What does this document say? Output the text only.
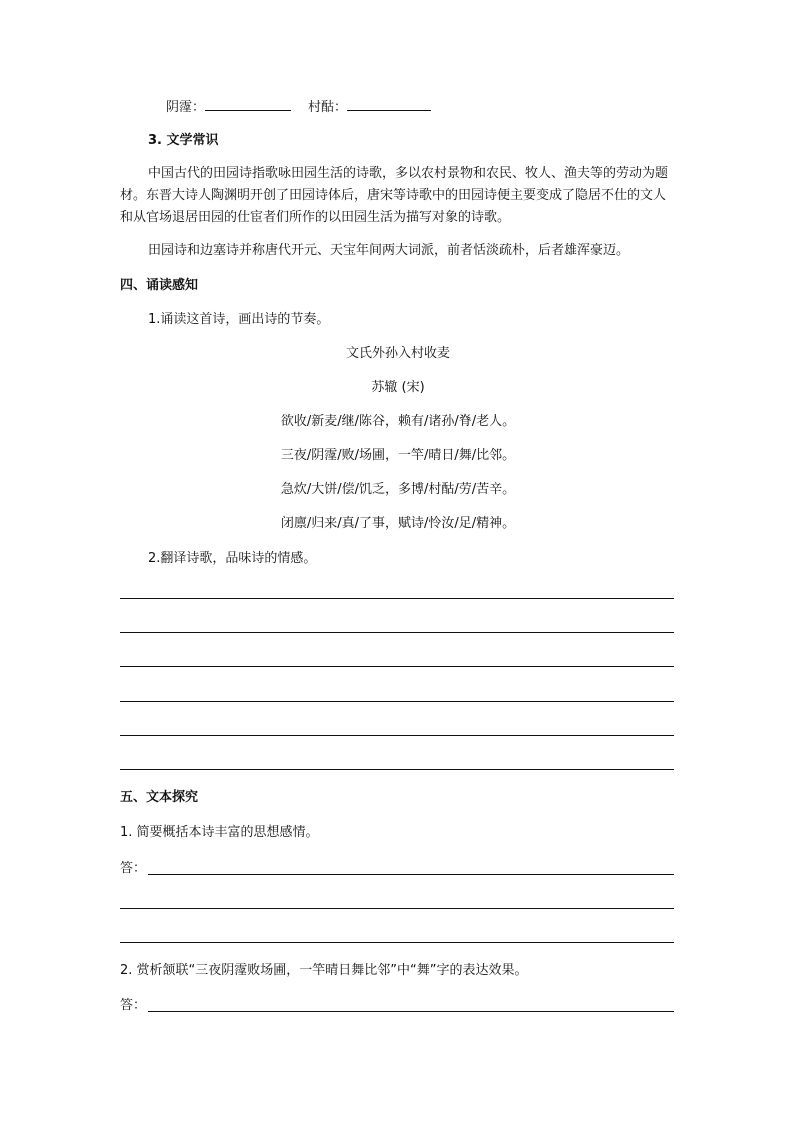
阴霪：	村酤：
3. 文学常识
中国古代的田园诗指歌咏田园生活的诗歌，多以农村景物和农民、牧人、渔夫等的劳动为题材。东晋大诗人陶渊明开创了田园诗体后，唐宋等诗歌中的田园诗便主要变成了隐居不仕的文人和从官场退居田园的仕宦者们所作的以田园生活为描写对象的诗歌。
田园诗和边塞诗并称唐代开元、天宝年间两大词派，前者恬淡疏朴，后者雄浑豪迈。
四、诵读感知
1.诵读这首诗，画出诗的节奏。
文氏外孙入村收麦
苏辙 (宋)
欲收/新麦/继/陈谷，赖有/诸孙/脊/老人。
三夜/阴霪/败/场圃，一竿/晴日/舞/比邻。
急炊/大饼/偿/饥乏，多博/村酤/劳/苦辛。
闭廪/归来/真/了事，赋诗/怜汝/足/精神。
2.翻译诗歌，品味诗的情感。
五、文本探究
1. 简要概括本诗丰富的思想感情。
答：
2. 赏析颔联“三夜阴霪败场圃，一竿晴日舞比邻”中“舞”字的表达效果。
答：
